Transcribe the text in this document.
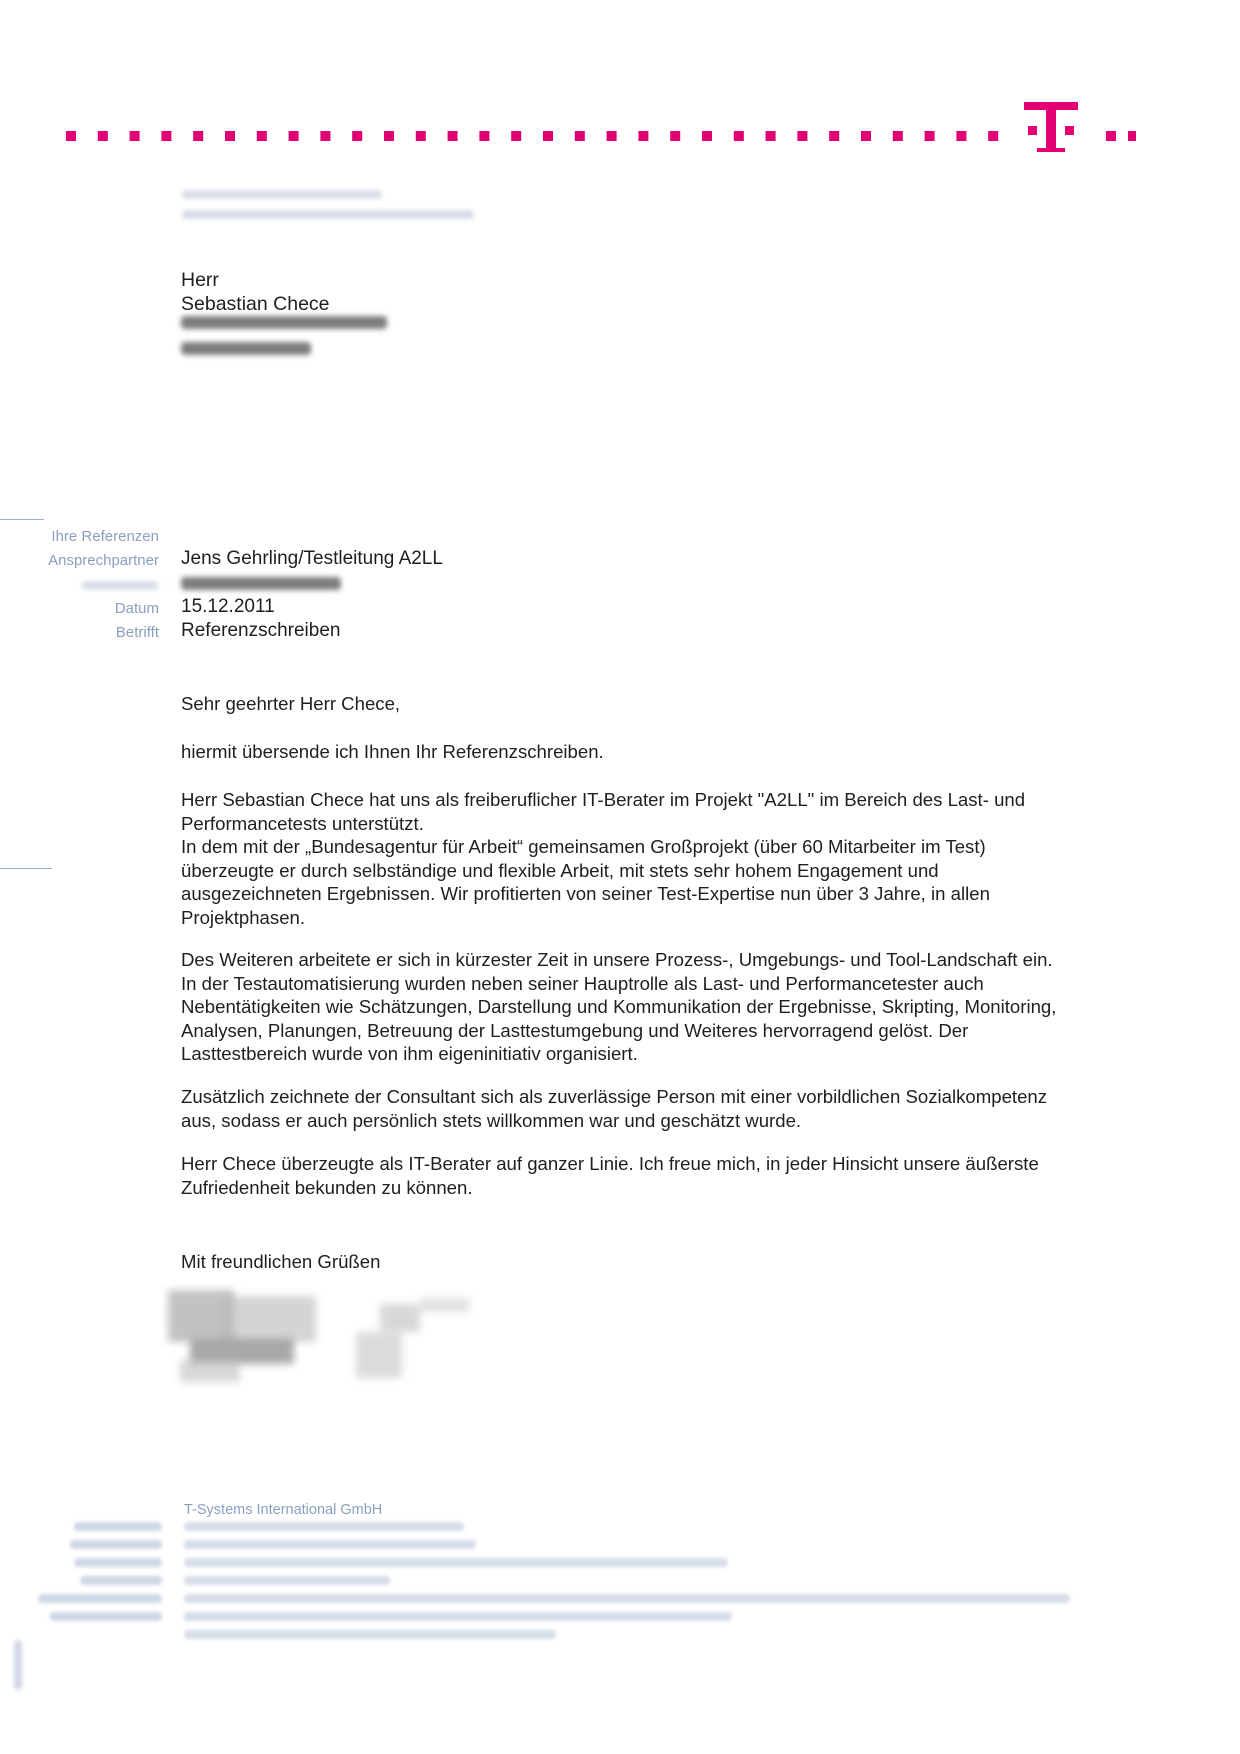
Herr
Sebastian Chece
Ihre Referenzen
Ansprechpartner
Datum
Betrifft
Jens Gehrling/Testleitung A2LL
15.12.2011
Referenzschreiben
Sehr geehrter Herr Chece,
hiermit übersende ich Ihnen Ihr Referenzschreiben.
Herr Sebastian Chece hat uns als freiberuflicher IT-Berater im Projekt "A2LL" im Bereich des Last- und
Performancetests unterstützt.
In dem mit der „Bundesagentur für Arbeit“ gemeinsamen Großprojekt (über 60 Mitarbeiter im Test)
überzeugte er durch selbständige und flexible Arbeit, mit stets sehr hohem Engagement und
ausgezeichneten Ergebnissen. Wir profitierten von seiner Test-Expertise nun über 3 Jahre, in allen
Projektphasen.
Des Weiteren arbeitete er sich in kürzester Zeit in unsere Prozess-, Umgebungs- und Tool-Landschaft ein.
In der Testautomatisierung wurden neben seiner Hauptrolle als Last- und Performancetester auch
Nebentätigkeiten wie Schätzungen, Darstellung und Kommunikation der Ergebnisse, Skripting, Monitoring,
Analysen, Planungen, Betreuung der Lasttestumgebung und Weiteres hervorragend gelöst. Der
Lasttestbereich wurde von ihm eigeninitiativ organisiert.
Zusätzlich zeichnete der Consultant sich als zuverlässige Person mit einer vorbildlichen Sozialkompetenz
aus, sodass er auch persönlich stets willkommen war und geschätzt wurde.
Herr Chece überzeugte als IT-Berater auf ganzer Linie. Ich freue mich, in jeder Hinsicht unsere äußerste
Zufriedenheit bekunden zu können.
Mit freundlichen Grüßen
T-Systems International GmbH
